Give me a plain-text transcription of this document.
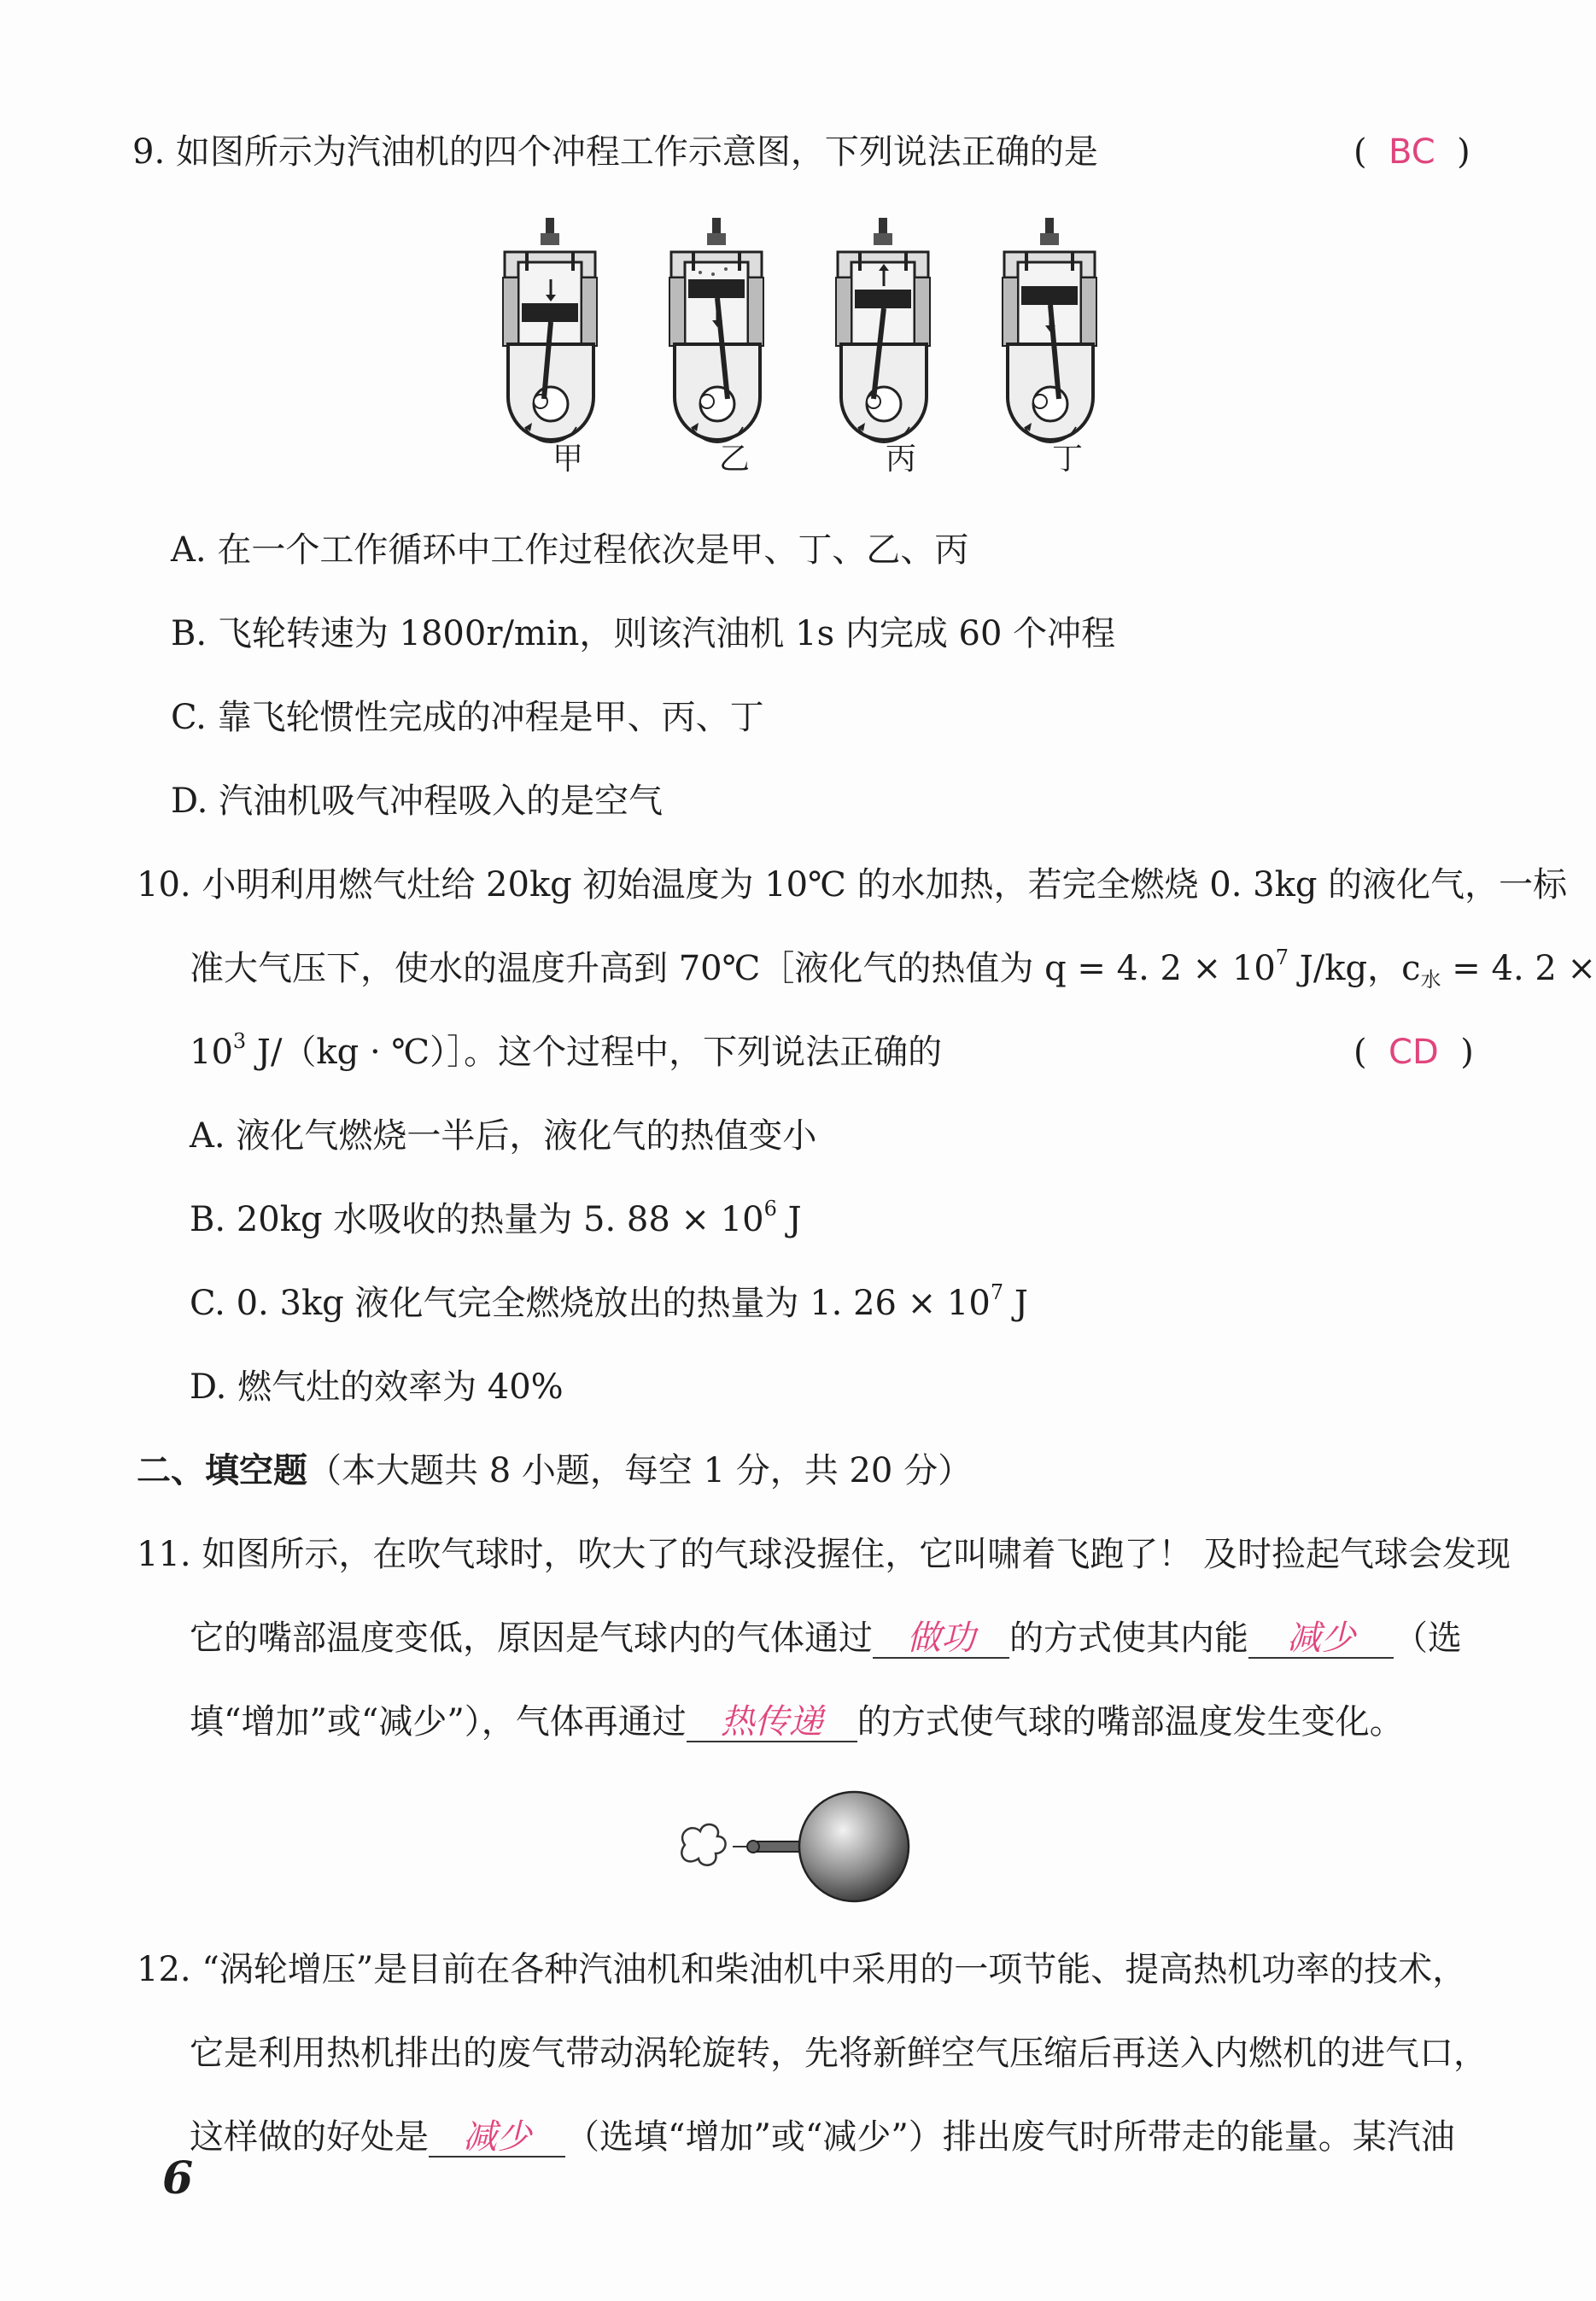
9. 如图所示为汽油机的四个冲程工作示意图，下列说法正确的是	(  BC  )
甲	乙	丙	丁
A. 在一个工作循环中工作过程依次是甲、丁、乙、丙
B. 飞轮转速为 1800r/min，则该汽油机 1s 内完成 60 个冲程
C. 靠飞轮惯性完成的冲程是甲、丙、丁
D. 汽油机吸气冲程吸入的是空气
10. 小明利用燃气灶给 20kg 初始温度为 10℃ 的水加热，若完全燃烧 0. 3kg 的液化气，一标
准大气压下，使水的温度升高到 70℃［液化气的热值为 q = 4. $2 \times 10^7$ J/kg，$c_水 = 4$. 2 ×
$10^3$ J/（kg · ℃）］。这个过程中，下列说法正确的	(  CD  )
A. 液化气燃烧一半后，液化气的热值变小
B. 20kg 水吸收的热量为 5. $88 \times 10^6$ J
C. 0. 3kg 液化气完全燃烧放出的热量为 1. $26 \times 10^7$ J
D. 燃气灶的效率为 40%
二、填空题（本大题共 8 小题，每空 1 分，共 20 分）
11. 如图所示，在吹气球时，吹大了的气球没握住，它叫啸着飞跑了！ 及时捡起气球会发现
它的嘴部温度变低，原因是气球内的气体通过 做功 的方式使其内能 减少 （选
填“增加”或“减少”），气体再通过 热传递 的方式使气球的嘴部温度发生变化。
12. “涡轮增压”是目前在各种汽油机和柴油机中采用的一项节能、提高热机功率的技术，
它是利用热机排出的废气带动涡轮旋转，先将新鲜空气压缩后再送入内燃机的进气口，
这样做的好处是 减少 （选填“增加”或“减少”）排出废气时所带走的能量。某汽油
6
